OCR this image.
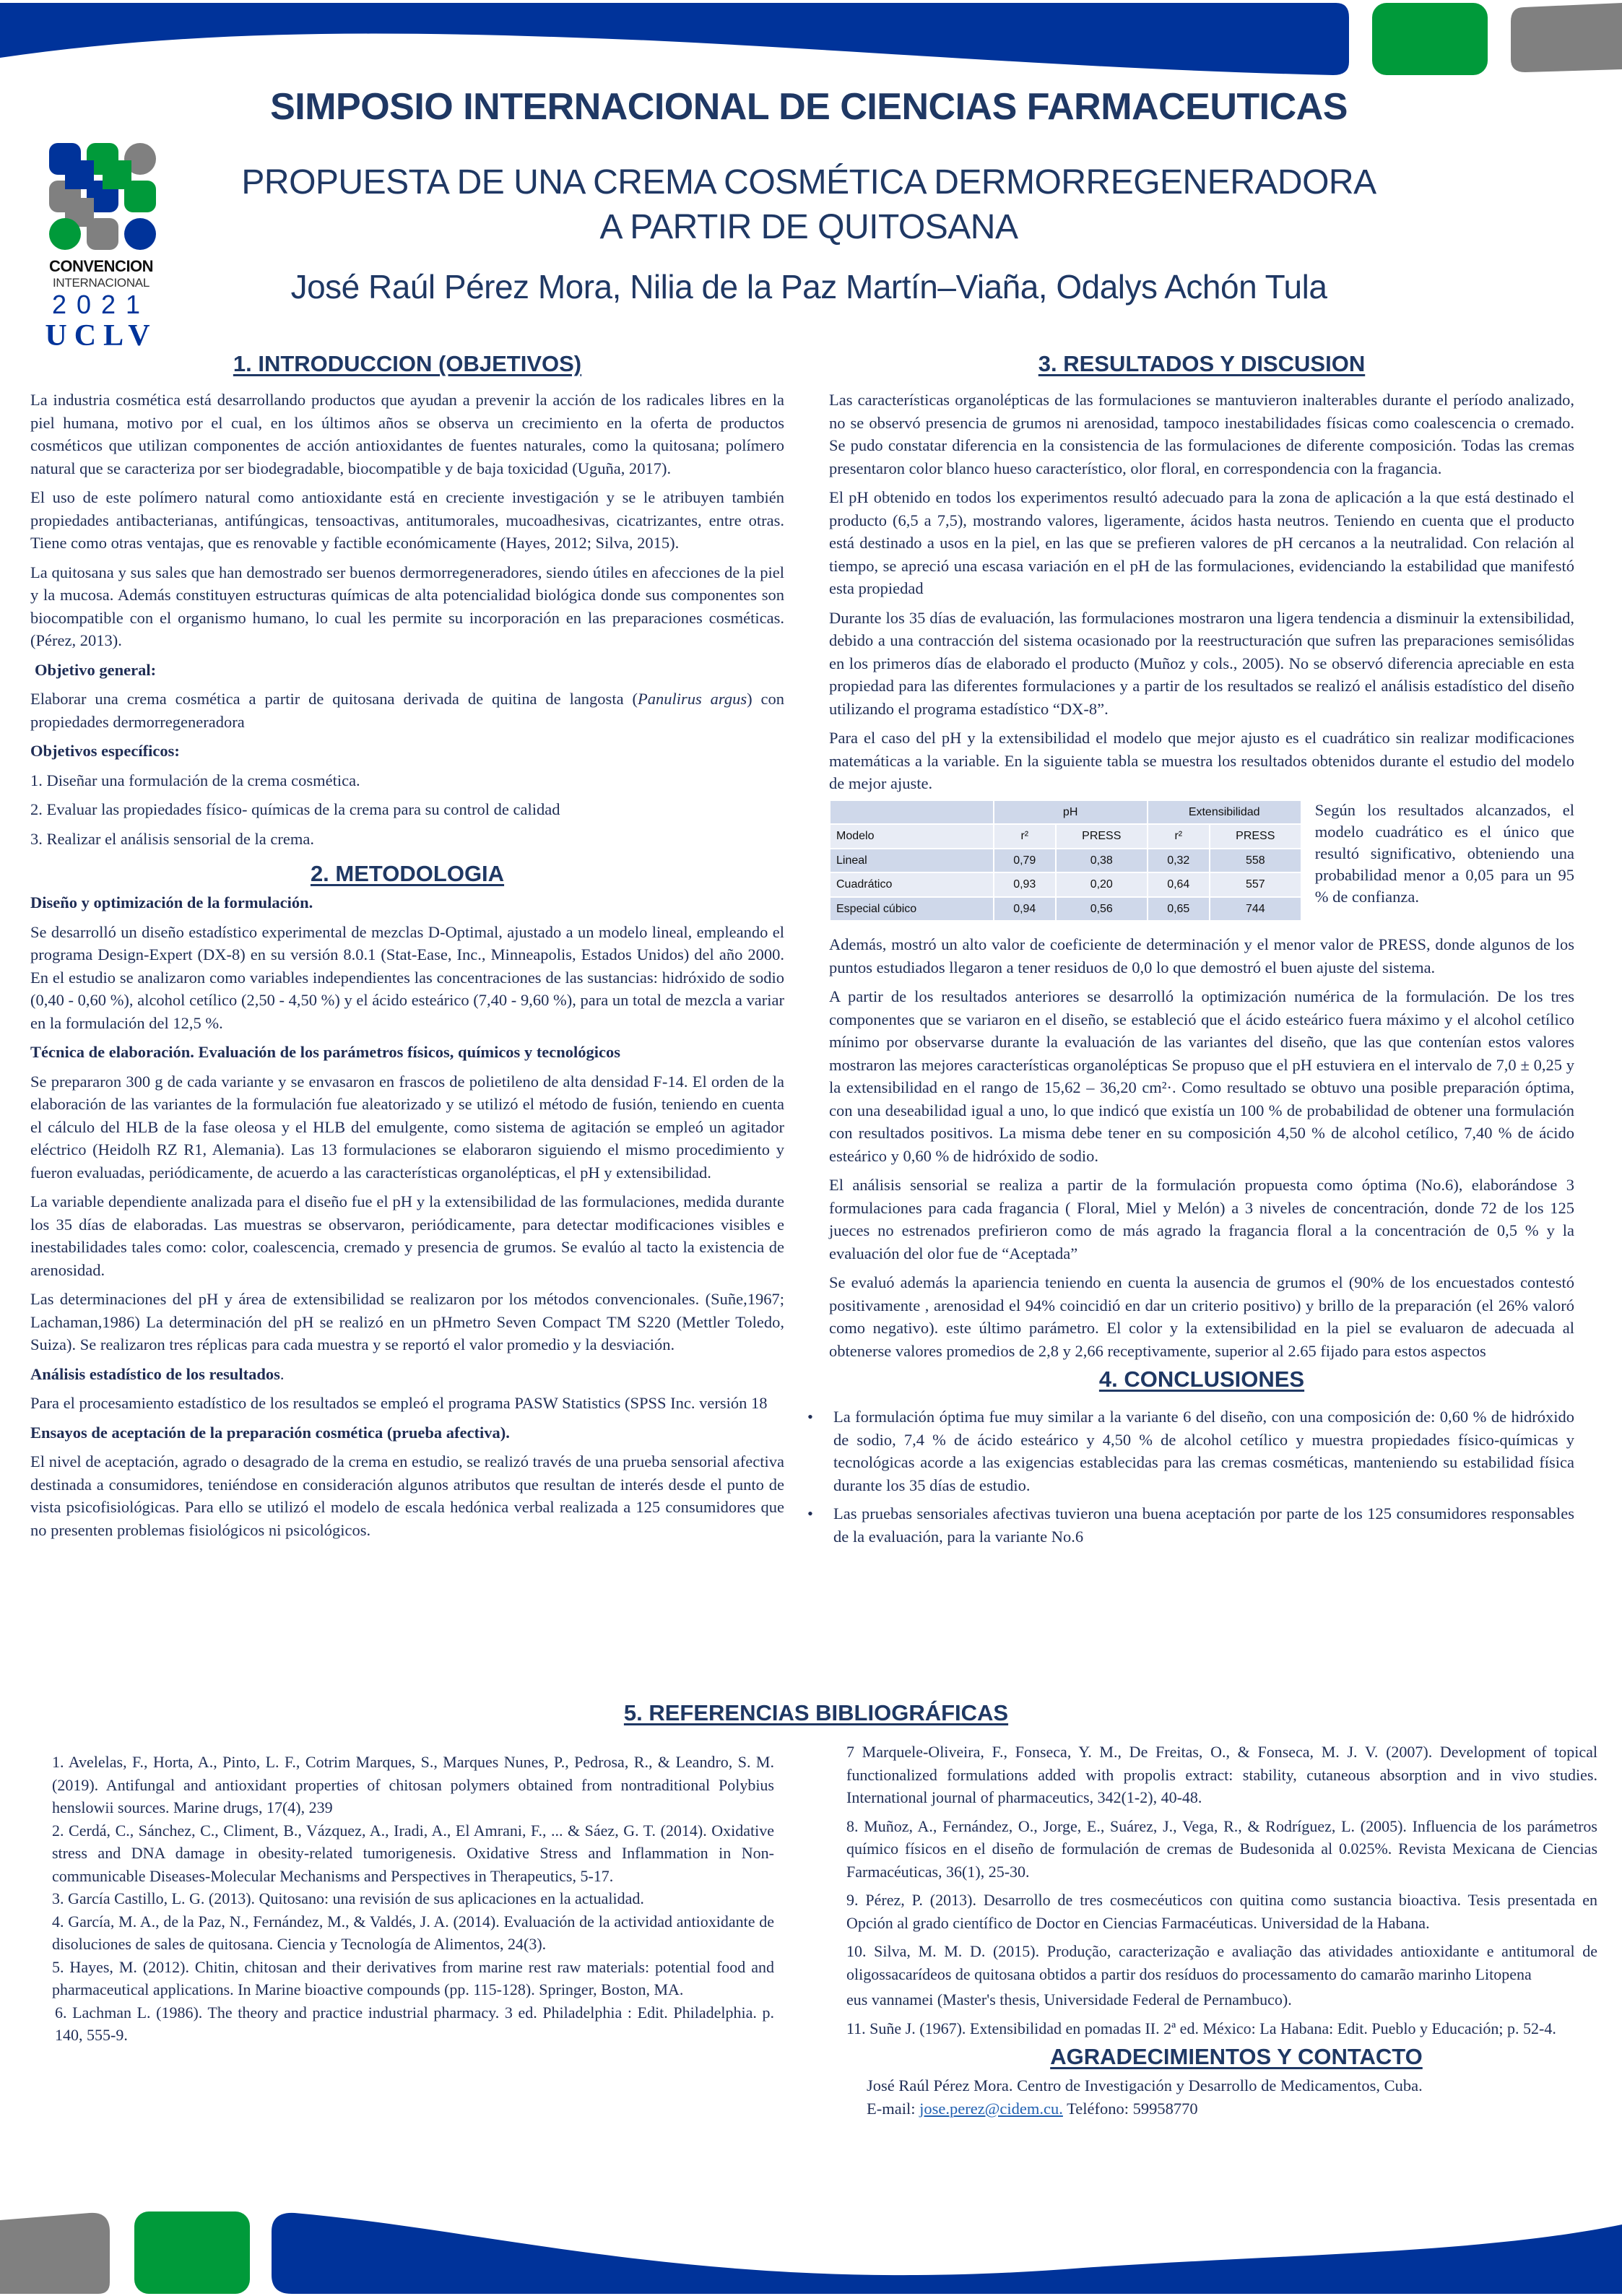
CONVENCION
INTERNACIONAL
2021
UCLV
SIMPOSIO INTERNACIONAL DE CIENCIAS FARMACEUTICAS
PROPUESTA DE UNA CREMA COSMÉTICA DERMORREGENERADORA
A PARTIR DE QUITOSANA
José Raúl Pérez Mora, Nilia de la Paz Martín–Viaña, Odalys Achón Tula
1. INTRODUCCION (OBJETIVOS)

La industria cosmética está desarrollando productos que ayudan a prevenir la acción de los radicales libres en la piel humana, motivo por el cual, en los últimos años se observa un crecimiento en la oferta de productos cosméticos que utilizan componentes de acción antioxidantes de fuentes naturales, como la quitosana; polímero natural que se caracteriza por ser biodegradable, biocompatible y de baja toxicidad (Uguña, 2017).

El uso de este polímero natural como antioxidante está en creciente investigación y se le atribuyen también propiedades antibacterianas, antifúngicas, tensoactivas, antitumorales, mucoadhesivas, cicatrizantes, entre otras. Tiene como otras ventajas, que es renovable y factible económicamente (Hayes, 2012; Silva, 2015).

La quitosana y sus sales que han demostrado ser buenos dermorregeneradores, siendo útiles en afecciones de la piel y la mucosa. Además constituyen estructuras químicas de alta potencialidad biológica donde sus componentes son biocompatible con el organismo humano, lo cual les permite su incorporación en las preparaciones cosméticas. (Pérez, 2013).

Objetivo general:

Elaborar una crema cosmética a partir de quitosana derivada de quitina de langosta (Panulirus argus) con propiedades dermorregeneradora

Objetivos específicos:

1. Diseñar una formulación de la crema cosmética.

2. Evaluar las propiedades físico- químicas de la crema para su control de calidad

3. Realizar el análisis sensorial de la crema.

2. METODOLOGIA

Diseño y optimización de la formulación.

Se desarrolló un diseño estadístico experimental de mezclas D-Optimal, ajustado a un modelo lineal, empleando el programa Design-Expert (DX-8) en su versión 8.0.1 (Stat-Ease, Inc., Minneapolis, Estados Unidos) del año 2000. En el estudio se analizaron como variables independientes las concentraciones de las sustancias: hidróxido de sodio (0,40 - 0,60 %), alcohol cetílico (2,50 - 4,50 %) y el ácido esteárico (7,40 - 9,60 %), para un total de mezcla a variar en la formulación del 12,5 %.

Técnica de elaboración. Evaluación de los parámetros físicos, químicos y tecnológicos

Se prepararon 300 g de cada variante y se envasaron en frascos de polietileno de alta densidad F-14. El orden de la elaboración de las variantes de la formulación fue aleatorizado y se utilizó el método de fusión, teniendo en cuenta el cálculo del HLB de la fase oleosa y el HLB del emulgente, como sistema de agitación se empleó un agitador eléctrico (Heidolh RZ R1, Alemania). Las 13 formulaciones se elaboraron siguiendo el mismo procedimiento y fueron evaluadas, periódicamente, de acuerdo a las características organolépticas, el pH y extensibilidad.

La variable dependiente analizada para el diseño fue el pH y la extensibilidad de las formulaciones, medida durante los 35 días de elaboradas. Las muestras se observaron, periódicamente, para detectar modificaciones visibles e inestabilidades tales como: color, coalescencia, cremado y presencia de grumos. Se evalúo al tacto la existencia de arenosidad.

Las determinaciones del pH y área de extensibilidad se realizaron por los métodos convencionales. (Suñe,1967; Lachaman,1986) La determinación del pH se realizó en un pHmetro Seven Compact TM S220 (Mettler Toledo, Suiza). Se realizaron tres réplicas para cada muestra y se reportó el valor promedio y la desviación.

Análisis estadístico de los resultados.

Para el procesamiento estadístico de los resultados se empleó el programa PASW Statistics (SPSS Inc. versión 18

Ensayos de aceptación de la preparación cosmética (prueba afectiva).

El nivel de aceptación, agrado o desagrado de la crema en estudio, se realizó través de una prueba sensorial afectiva destinada a consumidores, teniéndose en consideración algunos atributos que resultan de interés desde el punto de vista psicofisiológicas. Para ello se utilizó el modelo de escala hedónica verbal realizada a 125 consumidores que no presenten problemas fisiológicos ni psicológicos.

3. RESULTADOS Y DISCUSION

Las características organolépticas de las formulaciones se mantuvieron inalterables durante el período analizado, no se observó presencia de grumos ni arenosidad, tampoco inestabilidades físicas como coalescencia o cremado. Se pudo constatar diferencia en la consistencia de las formulaciones de diferente composición. Todas las cremas presentaron color blanco hueso característico, olor floral, en correspondencia con la fragancia.

El pH obtenido en todos los experimentos resultó adecuado para la zona de aplicación a la que está destinado el producto (6,5 a 7,5), mostrando valores, ligeramente, ácidos hasta neutros. Teniendo en cuenta que el producto está destinado a usos en la piel, en las que se prefieren valores de pH cercanos a la neutralidad. Con relación al tiempo, se apreció una escasa variación en el pH de las formulaciones, evidenciando la estabilidad que manifestó esta propiedad

Durante los 35 días de evaluación, las formulaciones mostraron una ligera tendencia a disminuir la extensibilidad, debido a una contracción del sistema ocasionado por la reestructuración que sufren las preparaciones semisólidas en los primeros días de elaborado el producto (Muñoz y cols., 2005). No se observó diferencia apreciable en esta propiedad para las diferentes formulaciones y a partir de los resultados se realizó el análisis estadístico del diseño utilizando el programa estadístico “DX-8”.

Para el caso del pH y la extensibilidad el modelo que mejor ajusto es el cuadrático sin realizar modificaciones matemáticas a la variable. En la siguiente tabla se muestra los resultados obtenidos durante el estudio del modelo de mejor ajuste.

	pH		Extensibilidad	
Modelo	r²	PRESS	r²	PRESS
Lineal	0,79	0,38	0,32	558
Cuadrático	0,93	0,20	0,64	557
Especial cúbico	0,94	0,56	0,65	744
Según los resultados alcanzados, el modelo cuadrático es el único que resultó significativo, obteniendo una probabilidad menor a 0,05 para un 95 % de confianza.

Además, mostró un alto valor de coeficiente de determinación y el menor valor de PRESS, donde algunos de los puntos estudiados llegaron a tener residuos de 0,0 lo que demostró el buen ajuste del sistema.

A partir de los resultados anteriores se desarrolló la optimización numérica de la formulación. De los tres componentes que se variaron en el diseño, se estableció que el ácido esteárico fuera máximo y el alcohol cetílico mínimo por observarse durante la evaluación de las variantes del diseño, que las que contenían estos valores mostraron las mejores características organolépticas Se propuso que el pH estuviera en el intervalo de 7,0 ± 0,25 y la extensibilidad en el rango de 15,62 – 36,20 cm²·. Como resultado se obtuvo una posible preparación óptima, con una deseabilidad igual a uno, lo que indicó que existía un 100 % de probabilidad de obtener una formulación con resultados positivos. La misma debe tener en su composición 4,50 % de alcohol cetílico, 7,40 % de ácido esteárico y 0,60 % de hidróxido de sodio.

El análisis sensorial se realiza a partir de la formulación propuesta como óptima (No.6), elaborándose 3 formulaciones para cada fragancia ( Floral, Miel y Melón) a 3 niveles de concentración, donde 72 de los 125 jueces no estrenados prefirieron como de más agrado la fragancia floral a la concentración de 0,5 % y la evaluación del olor fue de “Aceptada”

Se evaluó además la apariencia teniendo en cuenta la ausencia de grumos el (90% de los encuestados contestó positivamente , arenosidad el 94% coincidió en dar un criterio positivo) y brillo de la preparación (el 26% valoró como negativo). este último parámetro. El color y la extensibilidad en la piel se evaluaron de adecuada al obtenerse valores promedios de 2,8 y 2,66 receptivamente, superior al 2.65 fijado para estos aspectos

4. CONCLUSIONES
• La formulación óptima fue muy similar a la variante 6 del diseño, con una composición de: 0,60 % de hidróxido de sodio, 7,4 % de ácido esteárico y 4,50 % de alcohol cetílico y muestra propiedades físico-químicas y tecnológicas acorde a las exigencias establecidas para las cremas cosméticas, manteniendo su estabilidad física durante los 35 días de estudio.
• Las pruebas sensoriales afectivas tuvieron una buena aceptación por parte de los 125 consumidores responsables de la evaluación, para la variante No.6
5. REFERENCIAS BIBLIOGRÁFICAS
1. Avelelas, F., Horta, A., Pinto, L. F., Cotrim Marques, S., Marques Nunes, P., Pedrosa, R., & Leandro, S. M. (2019). Antifungal and antioxidant properties of chitosan polymers obtained from nontraditional Polybius henslowii sources. Marine drugs, 17(4), 239
2. Cerdá, C., Sánchez, C., Climent, B., Vázquez, A., Iradi, A., El Amrani, F., ... & Sáez, G. T. (2014). Oxidative stress and DNA damage in obesity-related tumorigenesis. Oxidative Stress and Inflammation in Non-communicable Diseases-Molecular Mechanisms and Perspectives in Therapeutics, 5-17.
3. García Castillo, L. G. (2013). Quitosano: una revisión de sus aplicaciones en la actualidad.
4. García, M. A., de la Paz, N., Fernández, M., & Valdés, J. A. (2014). Evaluación de la actividad antioxidante de disoluciones de sales de quitosana. Ciencia y Tecnología de Alimentos, 24(3).
5. Hayes, M. (2012). Chitin, chitosan and their derivatives from marine rest raw materials: potential food and pharmaceutical applications. In Marine bioactive compounds (pp. 115-128). Springer, Boston, MA.
6. Lachman L. (1986). The theory and practice industrial pharmacy. 3 ed. Philadelphia : Edit. Philadelphia. p. 140, 555-9.

7 Marquele-Oliveira, F., Fonseca, Y. M., De Freitas, O., & Fonseca, M. J. V. (2007). Development of topical functionalized formulations added with propolis extract: stability, cutaneous absorption and in vivo studies. International journal of pharmaceutics, 342(1-2), 40-48.

8. Muñoz, A., Fernández, O., Jorge, E., Suárez, J., Vega, R., & Rodríguez, L. (2005). Influencia de los parámetros químico físicos en el diseño de formulación de cremas de Budesonida al 0.025%. Revista Mexicana de Ciencias Farmacéuticas, 36(1), 25-30.

9. Pérez, P. (2013). Desarrollo de tres cosmecéuticos con quitina como sustancia bioactiva. Tesis presentada en Opción al grado científico de Doctor en Ciencias Farmacéuticas. Universidad de la Habana.

10. Silva, M. M. D. (2015). Produção, caracterização e avaliação das atividades antioxidante e antitumoral de oligossacarídeos de quitosana obtidos a partir dos resíduos do processamento do camarão marinho Litopena

eus vannamei (Master's thesis, Universidade Federal de Pernambuco).

11. Suñe J. (1967). Extensibilidad en pomadas II. 2ª ed. México: La Habana: Edit. Pueblo y Educación; p. 52-4.

AGRADECIMIENTOS Y CONTACTO
José Raúl Pérez Mora. Centro de Investigación y Desarrollo de Medicamentos, Cuba.
E-mail: jose.perez@cidem.cu. Teléfono: 59958770
